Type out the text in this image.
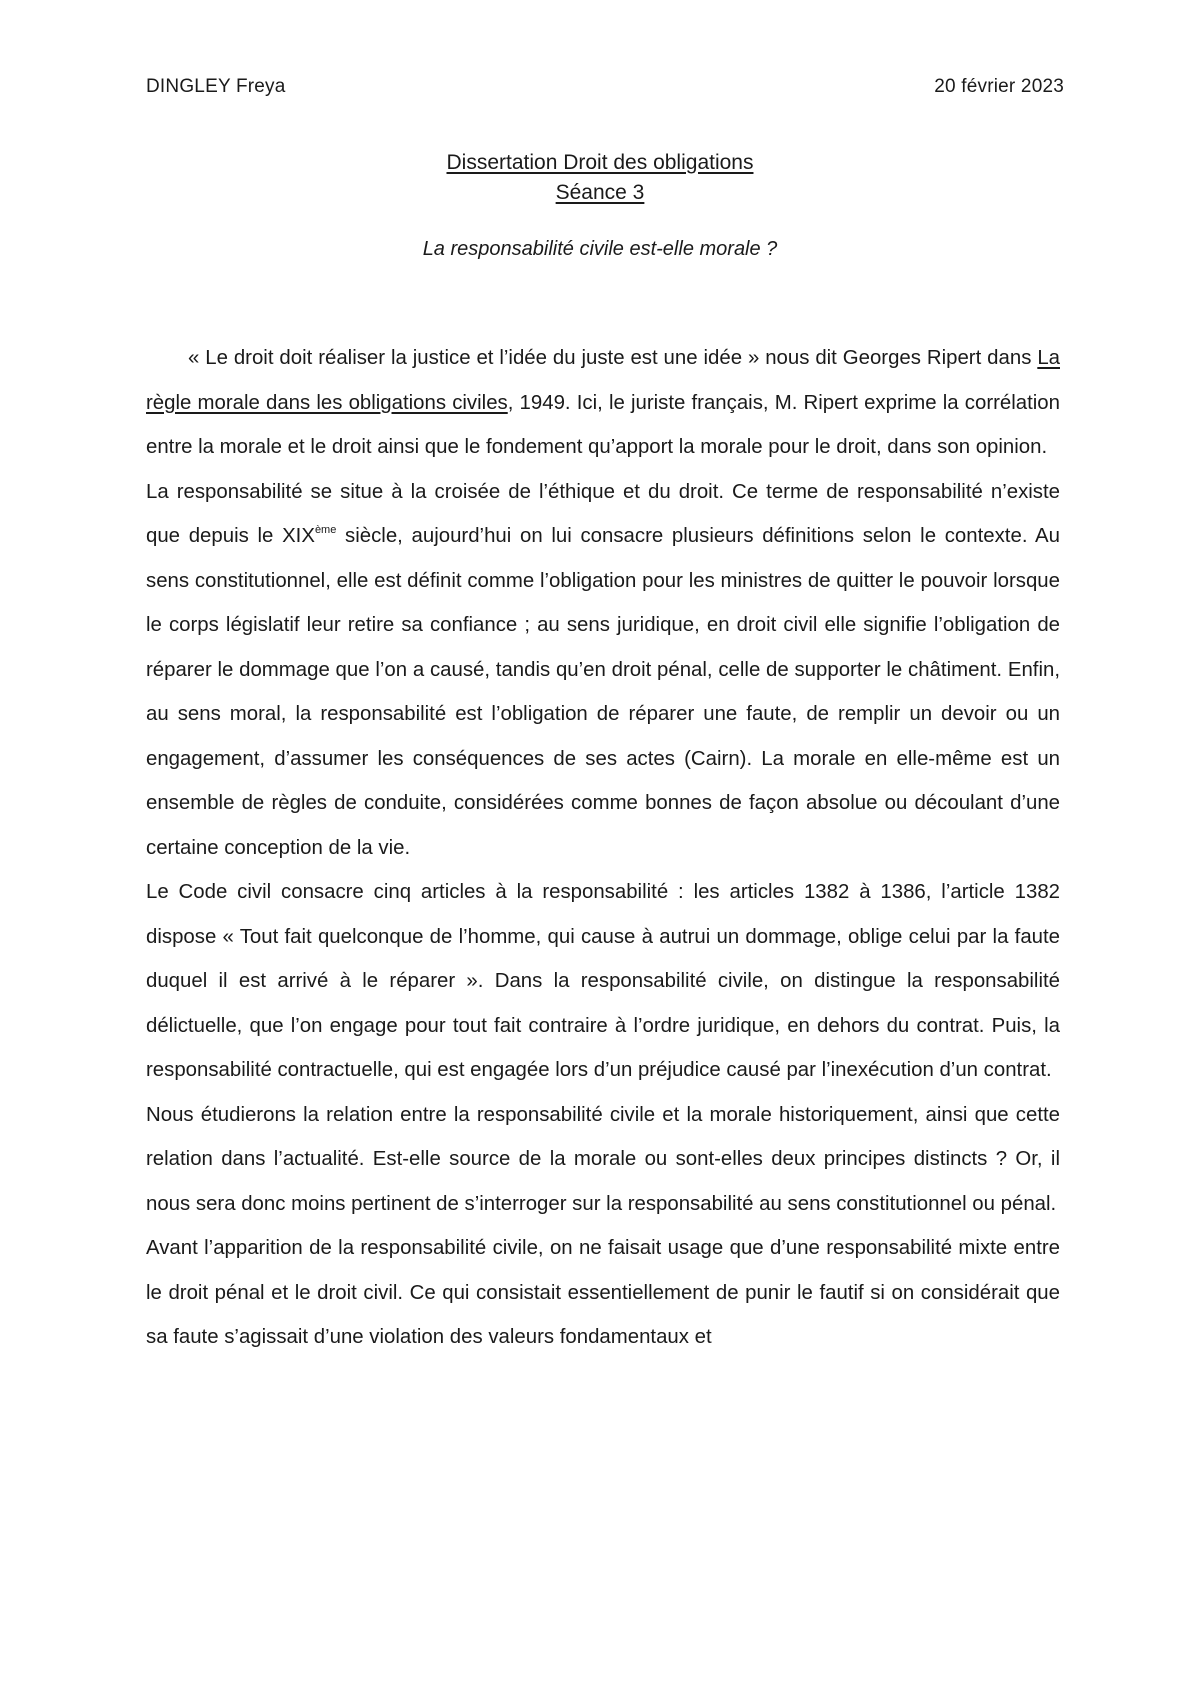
DINGLEY Freya	20 février 2023
Dissertation Droit des obligations
Séance 3
La responsabilité civile est-elle morale ?

« Le droit doit réaliser la justice et l’idée du juste est une idée » nous dit Georges Ripert dans La règle morale dans les obligations civiles, 1949. Ici, le juriste français, M. Ripert exprime la corrélation entre la morale et le droit ainsi que le fondement qu’apport la morale pour le droit, dans son opinion.

La responsabilité se situe à la croisée de l’éthique et du droit. Ce terme de responsabilité n’existe que depuis le XIXème siècle, aujourd’hui on lui consacre plusieurs définitions selon le contexte. Au sens constitutionnel, elle est définit comme l’obligation pour les ministres de quitter le pouvoir lorsque le corps législatif leur retire sa confiance ; au sens juridique, en droit civil elle signifie l’obligation de réparer le dommage que l’on a causé, tandis qu’en droit pénal, celle de supporter le châtiment. Enfin, au sens moral, la responsabilité est l’obligation de réparer une faute, de remplir un devoir ou un engagement, d’assumer les conséquences de ses actes (Cairn). La morale en elle-même est un ensemble de règles de conduite, considérées comme bonnes de façon absolue ou découlant d’une certaine conception de la vie.

Le Code civil consacre cinq articles à la responsabilité : les articles 1382 à 1386, l’article 1382 dispose « Tout fait quelconque de l’homme, qui cause à autrui un dommage, oblige celui par la faute duquel il est arrivé à le réparer ». Dans la responsabilité civile, on distingue la responsabilité délictuelle, que l’on engage pour tout fait contraire à l’ordre juridique, en dehors du contrat. Puis, la responsabilité contractuelle, qui est engagée lors d’un préjudice causé par l’inexécution d’un contrat.

Nous étudierons la relation entre la responsabilité civile et la morale historiquement, ainsi que cette relation dans l’actualité. Est-elle source de la morale ou sont-elles deux principes distincts ? Or, il nous sera donc moins pertinent de s’interroger sur la responsabilité au sens constitutionnel ou pénal.

Avant l’apparition de la responsabilité civile, on ne faisait usage que d’une responsabilité mixte entre le droit pénal et le droit civil. Ce qui consistait essentiellement de punir le fautif si on considérait que sa faute s’agissait d’une violation des valeurs fondamentaux et
